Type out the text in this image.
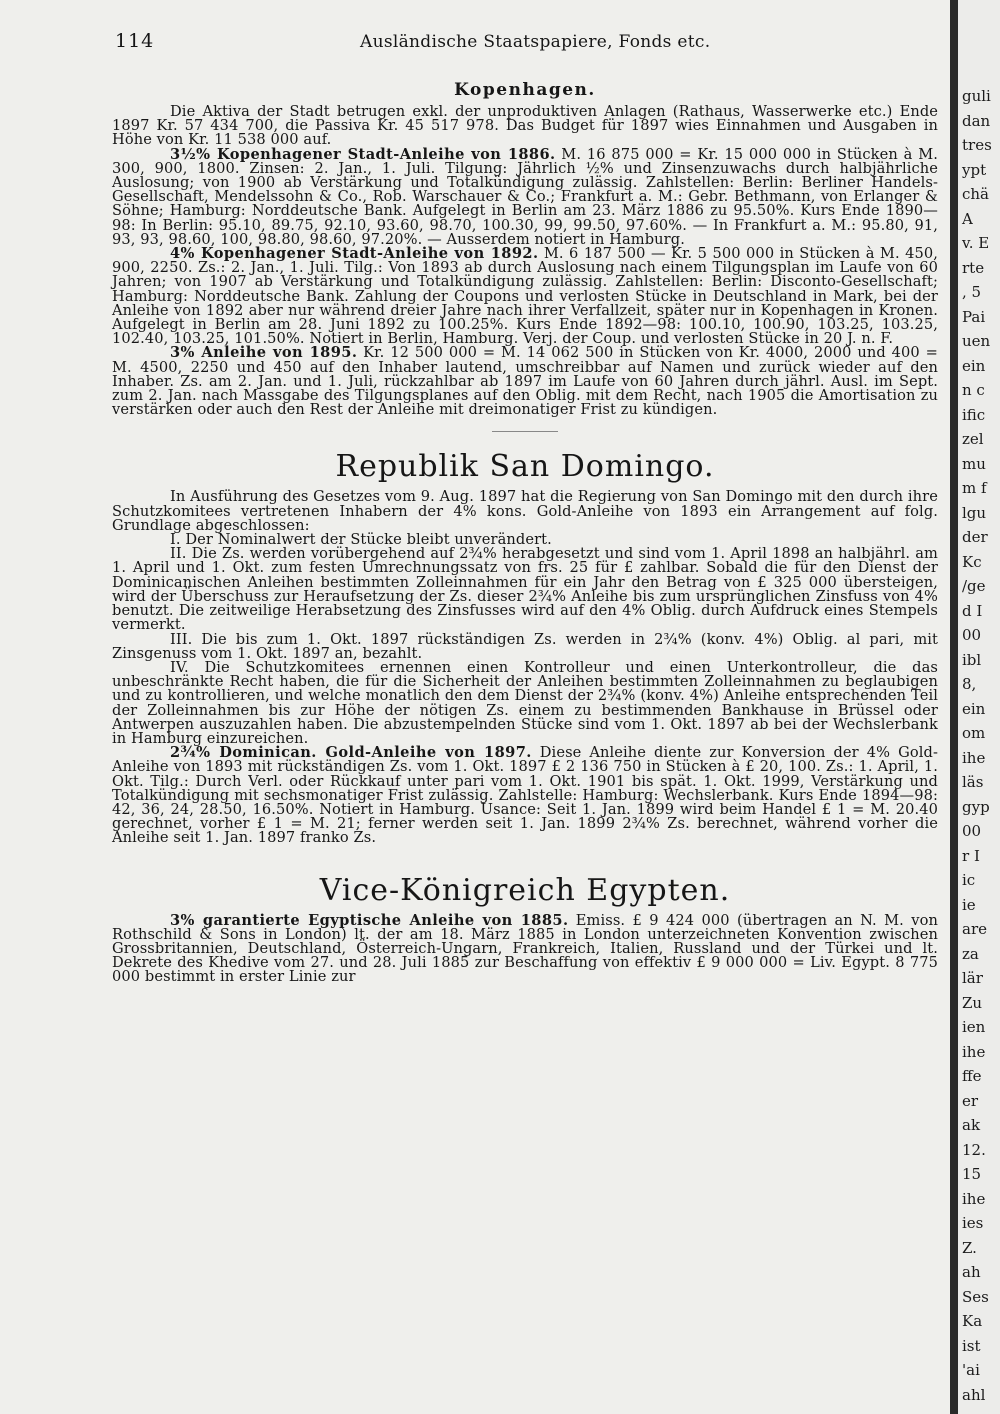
114	Ausländische Staatspapiere, Fonds etc.
Kopenhagen.

Die Aktiva der Stadt betrugen exkl. der unproduktiven Anlagen (Rathaus, Wasserwerke etc.) Ende 1897 Kr. 57 434 700, die Passiva Kr. 45 517 978. Das Budget für 1897 wies Einnahmen und Ausgaben in Höhe von Kr. 11 538 000 auf.

3½% Kopenhagener Stadt-Anleihe von 1886. M. 16 875 000 = Kr. 15 000 000 in Stücken à M. 300, 900, 1800. Zinsen: 2. Jan., 1. Juli. Tilgung: Jährlich ½% und Zinsenzuwachs durch halbjährliche Auslosung; von 1900 ab Verstärkung und Totalkündigung zulässig. Zahlstellen: Berlin: Berliner Handels-Gesellschaft, Mendelssohn & Co., Rob. Warschauer & Co.; Frankfurt a. M.: Gebr. Bethmann, von Erlanger & Söhne; Hamburg: Norddeutsche Bank. Aufgelegt in Berlin am 23. März 1886 zu 95.50%. Kurs Ende 1890—98: In Berlin: 95.10, 89.75, 92.10, 93.60, 98.70, 100.30, 99, 99.50, 97.60%. — In Frankfurt a. M.: 95.80, 91, 93, 93, 98.60, 100, 98.80, 98.60, 97.20%. — Ausserdem notiert in Hamburg.

4% Kopenhagener Stadt-Anleihe von 1892. M. 6 187 500 — Kr. 5 500 000 in Stücken à M. 450, 900, 2250. Zs.: 2. Jan., 1. Juli. Tilg.: Von 1893 ab durch Auslosung nach einem Tilgungsplan im Laufe von 60 Jahren; von 1907 ab Verstärkung und Totalkündigung zulässig. Zahlstellen: Berlin: Disconto-Gesellschaft; Hamburg: Norddeutsche Bank. Zahlung der Coupons und verlosten Stücke in Deutschland in Mark, bei der Anleihe von 1892 aber nur während dreier Jahre nach ihrer Verfallzeit, später nur in Kopenhagen in Kronen. Aufgelegt in Berlin am 28. Juni 1892 zu 100.25%. Kurs Ende 1892—98: 100.10, 100.90, 103.25, 103.25, 102.40, 103.25, 101.50%. Notiert in Berlin, Hamburg. Verj. der Coup. und verlosten Stücke in 20 J. n. F.

3% Anleihe von 1895. Kr. 12 500 000 = M. 14 062 500 in Stücken von Kr. 4000, 2000 und 400 = M. 4500, 2250 und 450 auf den Inhaber lautend, umschreibbar auf Namen und zurück wieder auf den Inhaber. Zs. am 2. Jan. und 1. Juli, rückzahlbar ab 1897 im Laufe von 60 Jahren durch jährl. Ausl. im Sept. zum 2. Jan. nach Massgabe des Tilgungsplanes auf den Oblig. mit dem Recht, nach 1905 die Amortisation zu verstärken oder auch den Rest der Anleihe mit dreimonatiger Frist zu kündigen.

Republik San Domingo.

In Ausführung des Gesetzes vom 9. Aug. 1897 hat die Regierung von San Domingo mit den durch ihre Schutzkomitees vertretenen Inhabern der 4% kons. Gold-Anleihe von 1893 ein Arrangement auf folg. Grundlage abgeschlossen:

I. Der Nominalwert der Stücke bleibt unverändert.

II. Die Zs. werden vorübergehend auf 2¾% herabgesetzt und sind vom 1. April 1898 an halbjährl. am 1. April und 1. Okt. zum festen Umrechnungssatz von frs. 25 für £ zahlbar. Sobald die für den Dienst der Dominicanischen Anleihen bestimmten Zolleinnahmen für ein Jahr den Betrag von £ 325 000 übersteigen, wird der Überschuss zur Heraufsetzung der Zs. dieser 2¾% Anleihe bis zum ursprünglichen Zinsfuss von 4% benutzt. Die zeitweilige Herabsetzung des Zinsfusses wird auf den 4% Oblig. durch Aufdruck eines Stempels vermerkt.

III. Die bis zum 1. Okt. 1897 rückständigen Zs. werden in 2¾% (konv. 4%) Oblig. al pari, mit Zinsgenuss vom 1. Okt. 1897 an, bezahlt.

IV. Die Schutzkomitees ernennen einen Kontrolleur und einen Unterkontrolleur, die das unbeschränkte Recht haben, die für die Sicherheit der Anleihen bestimmten Zolleinnahmen zu beglaubigen und zu kontrollieren, und welche monatlich den dem Dienst der 2¾% (konv. 4%) Anleihe entsprechenden Teil der Zolleinnahmen bis zur Höhe der nötigen Zs. einem zu bestimmenden Bankhause in Brüssel oder Antwerpen auszuzahlen haben. Die abzustempelnden Stücke sind vom 1. Okt. 1897 ab bei der Wechslerbank in Hamburg einzureichen.

2¾% Dominican. Gold-Anleihe von 1897. Diese Anleihe diente zur Konversion der 4% Gold-Anleihe von 1893 mit rückständigen Zs. vom 1. Okt. 1897 £ 2 136 750 in Stücken à £ 20, 100. Zs.: 1. April, 1. Okt. Tilg.: Durch Verl. oder Rückkauf unter pari vom 1. Okt. 1901 bis spät. 1. Okt. 1999, Verstärkung und Totalkündigung mit sechsmonatiger Frist zulässig. Zahlstelle: Hamburg: Wechslerbank. Kurs Ende 1894—98: 42, 36, 24, 28.50, 16.50%. Notiert in Hamburg. Usance: Seit 1. Jan. 1899 wird beim Handel £ 1 = M. 20.40 gerechnet, vorher £ 1 = M. 21; ferner werden seit 1. Jan. 1899 2¾% Zs. berechnet, während vorher die Anleihe seit 1. Jan. 1897 franko Zs.

Vice-Königreich Egypten.

3% garantierte Egyptische Anleihe von 1885. Emiss. £ 9 424 000 (übertragen an N. M. von Rothschild & Sons in London) lt. der am 18. März 1885 in London unterzeichneten Konvention zwischen Grossbritannien, Deutschland, Österreich-Ungarn, Frankreich, Italien, Russland und der Türkei und lt. Dekrete des Khedive vom 27. und 28. Juli 1885 zur Beschaffung von effektiv £ 9 000 000 = Liv. Egypt. 8 775 000 bestimmt in erster Linie zur

guli
dan
tres
ypt
chä
A
v. E
rte
, 5
Pai
uen
ein
n c
ific
zel
mu
m f
lgu
der
Kc
/ge
d I
00
ibl
8,
ein
om
ihe
läs
gyp
00
r I
ic
ie
are
za
lär
Zu
ien
ihe
ffe
er
ak
12.
15
ihe
ies
Z.
ah
Ses
Ka
ist
'ai
ahl
